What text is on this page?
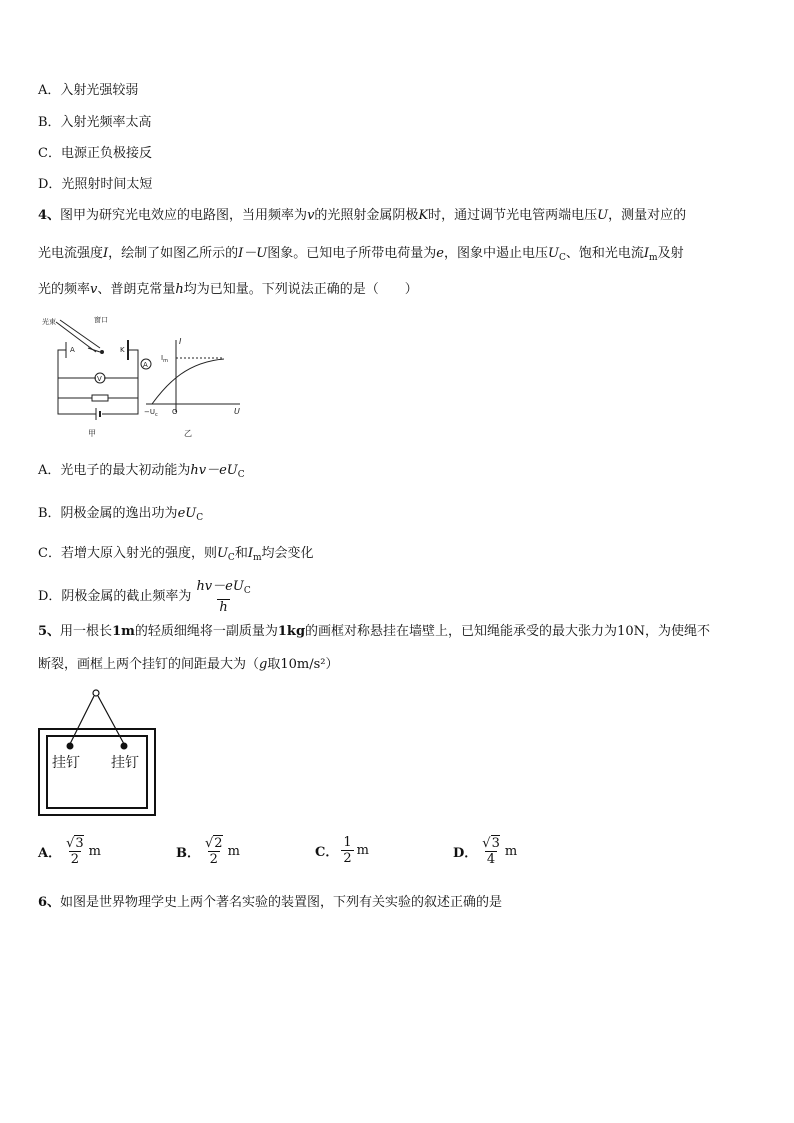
A．入射光强较弱
B．入射光频率太高
C．电源正负极接反
D．光照射时间太短
4、图甲为研究光电效应的电路图，当用频率为v的光照射金属阴极K时，通过调节光电管两端电压U，测量对应的
光电流强度I，绘制了如图乙所示的I－U图象。已知电子所带电荷量为e，图象中遏止电压$U_C$、饱和光电流$I_m$及射
光的频率v、普朗克常量h均为已知量。下列说法正确的是（　　）
光束	窗口
A	K
V
A
甲
I
U
O
$-U_c$
$I_m$
乙
A．光电子的最大初动能为$hv-eU_C$
B．阴极金属的逸出功为$eU_C$
C．若增大原入射光的强度，则$U_C$和$I_m$均会变化
D．阴极金属的截止频率为 $\frac{hv-eU_C}{h}$
5、用一根长1m的轻质细绳将一副质量为1kg的画框对称悬挂在墙壁上，已知绳能承受的最大张力为10N，为使绳不
断裂，画框上两个挂钉的间距最大为（g取10m/s²）
挂钉 挂钉
A． $\frac{√3}{2}$ m	B． $\frac{√2}{2}$ m	C． $\frac{1}{2}$ m	D． $\frac{√3}{4}$ m
6、如图是世界物理学史上两个著名实验的装置图，下列有关实验的叙述正确的是
